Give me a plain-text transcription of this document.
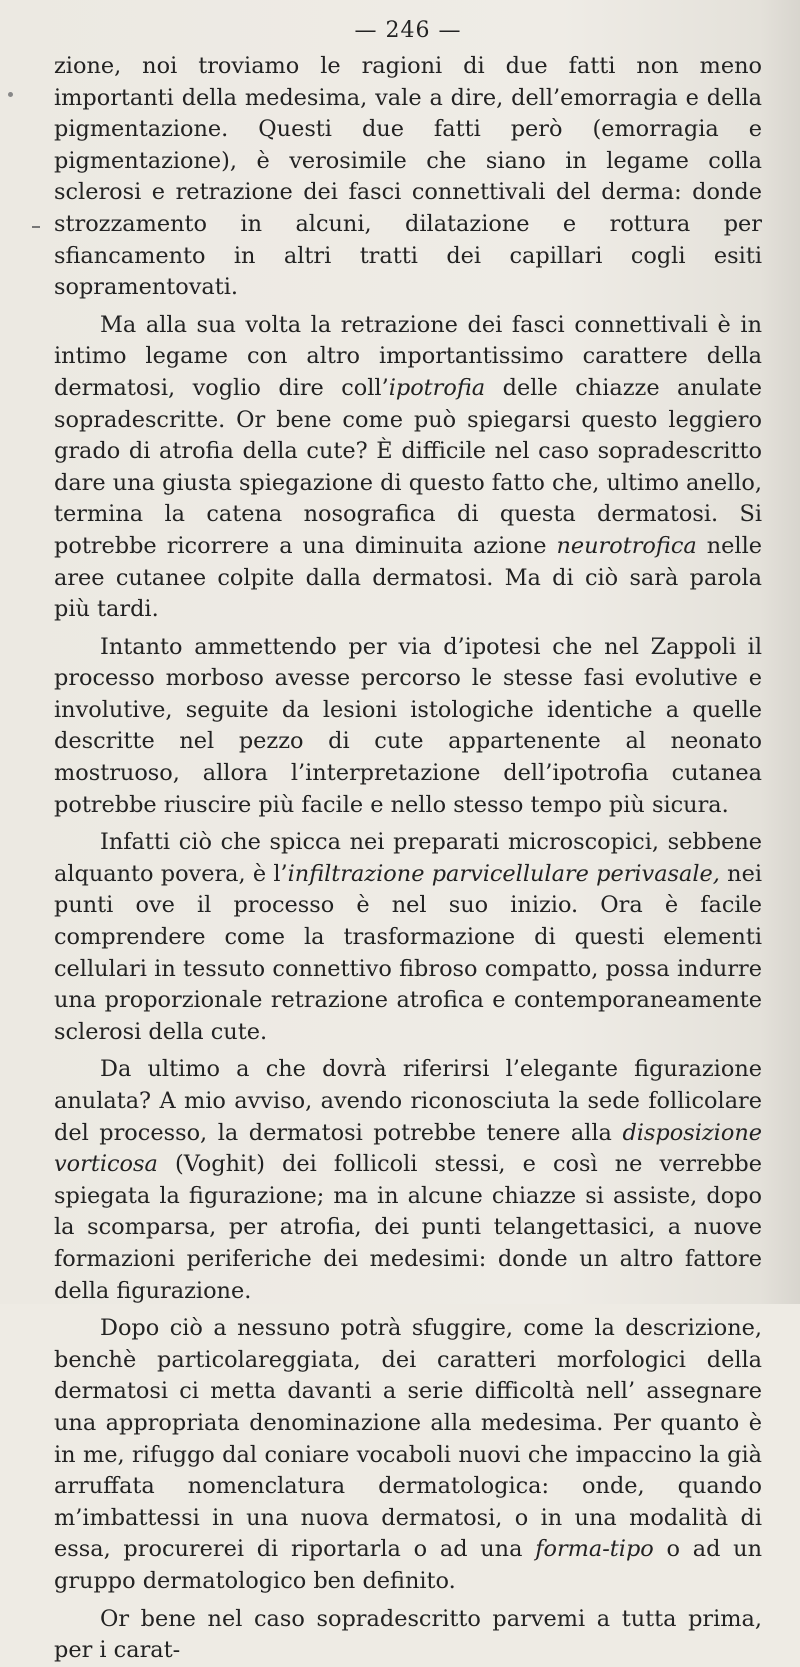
— 246 —

zione, noi troviamo le ragioni di due fatti non meno importanti della medesima, vale a dire, dell’emorragia e della pigmentazione. Questi due fatti però (emorragia e pigmentazione), è verosimile che siano in legame colla sclerosi e retrazione dei fasci connettivali del derma: donde strozzamento in alcuni, dilatazione e rottura per sfiancamento in altri tratti dei capillari cogli esiti sopramentovati.

Ma alla sua volta la retrazione dei fasci connettivali è in intimo legame con altro importantissimo carattere della dermatosi, voglio dire coll’ipotrofia delle chiazze anulate sopradescritte. Or bene come può spiegarsi questo leggiero grado di atrofia della cute? È difficile nel caso sopradescritto dare una giusta spiegazione di questo fatto che, ultimo anello, termina la catena nosografica di questa dermatosi. Si potrebbe ricorrere a una diminuita azione neurotrofica nelle aree cutanee colpite dalla dermatosi. Ma di ciò sarà parola più tardi.

Intanto ammettendo per via d’ipotesi che nel Zappoli il processo morboso avesse percorso le stesse fasi evolutive e involutive, seguite da lesioni istologiche identiche a quelle descritte nel pezzo di cute appartenente al neonato mostruoso, allora l’interpretazione dell’ipotrofia cutanea potrebbe riuscire più facile e nello stesso tempo più sicura.

Infatti ciò che spicca nei preparati microscopici, sebbene alquanto povera, è l’infiltrazione parvicellulare perivasale, nei punti ove il processo è nel suo inizio. Ora è facile comprendere come la trasformazione di questi elementi cellulari in tessuto connettivo fibroso compatto, possa indurre una proporzionale retrazione atrofica e contemporaneamente sclerosi della cute.

Da ultimo a che dovrà riferirsi l’elegante figurazione anulata? A mio avviso, avendo riconosciuta la sede follicolare del processo, la dermatosi potrebbe tenere alla disposizione vorticosa (Voghit) dei follicoli stessi, e così ne verrebbe spiegata la figurazione; ma in alcune chiazze si assiste, dopo la scomparsa, per atrofia, dei punti telangettasici, a nuove formazioni periferiche dei medesimi: donde un altro fattore della figurazione.

Dopo ciò a nessuno potrà sfuggire, come la descrizione, benchè particolareggiata, dei caratteri morfologici della dermatosi ci metta davanti a serie difficoltà nell’ assegnare una appropriata denominazione alla medesima. Per quanto è in me, rifuggo dal coniare vocaboli nuovi che impaccino la già arruffata nomenclatura dermatologica: onde, quando m’imbattessi in una nuova dermatosi, o in una modalità di essa, procurerei di riportarla o ad una forma-tipo o ad un gruppo dermatologico ben definito.

Or bene nel caso sopradescritto parvemi a tutta prima, per i carat-
